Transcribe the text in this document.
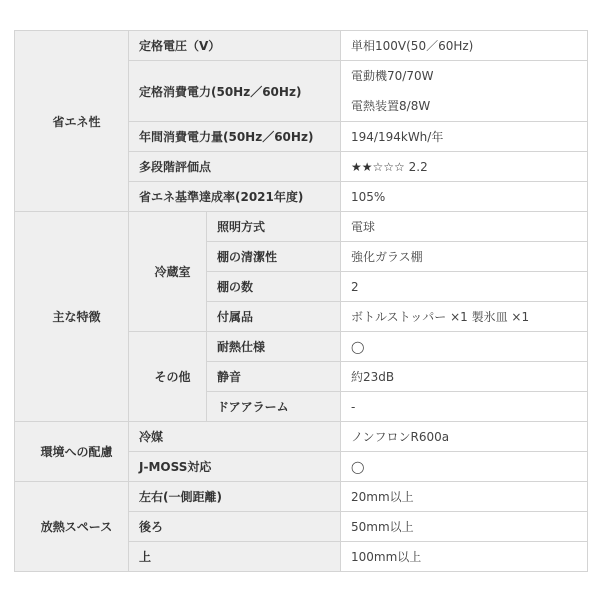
省エネ性	定格電圧（V）		単相100V(50／60Hz)
	定格消費電力(50Hz／60Hz)		電動機70/70W
電熱装置8/8W

	年間消費電力量(50Hz／60Hz)		194/194kWh/年
	多段階評価点		★★☆☆☆ 2.2
	省エネ基準達成率(2021年度)		105%
主な特徴	冷蔵室	照明方式	電球
		棚の清潔性	強化ガラス棚
		棚の数	2
		付属品	ボトルストッパー ×1 製氷皿 ×1
	その他	耐熱仕様	◯
		静音	約23dB
		ドアアラーム	-
環境への配慮	冷媒		ノンフロンR600a
	J-MOSS対応		◯
放熱スペース	左右(一側距離)		20mm以上
	後ろ		50mm以上
	上		100mm以上
